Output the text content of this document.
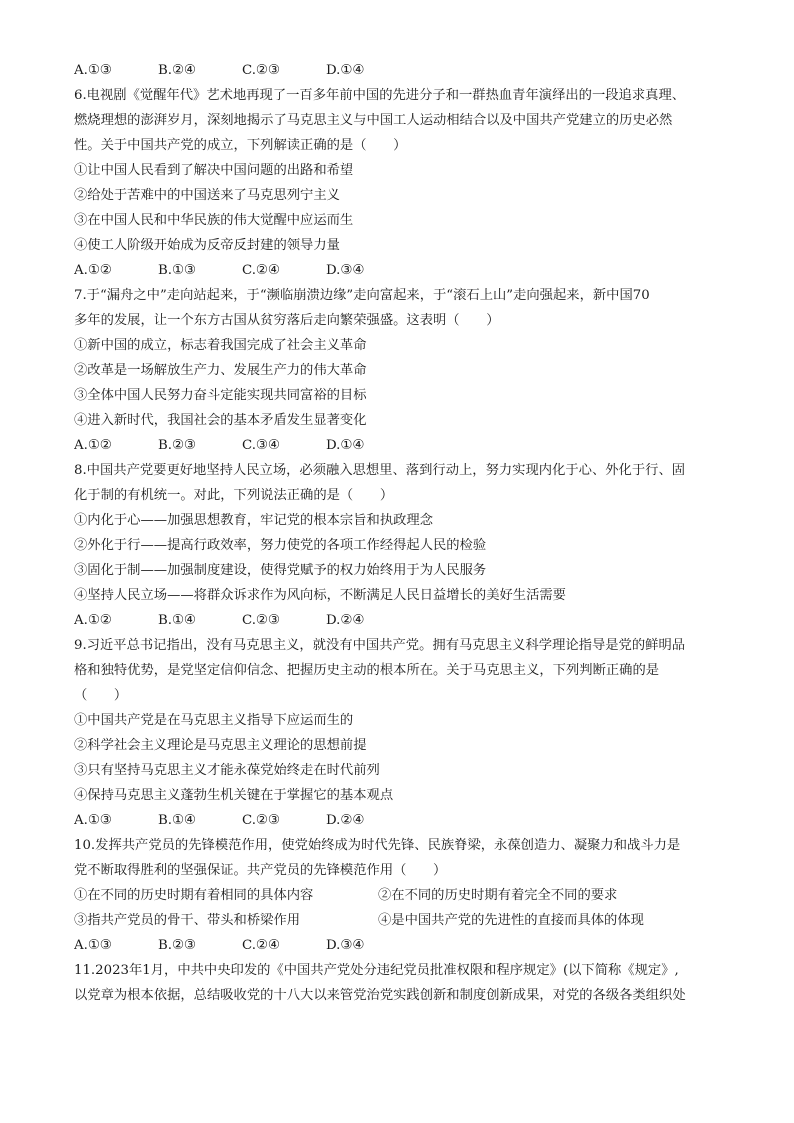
A.①③	B.②④	C.②③	D.①④
6.电视剧《觉醒年代》艺术地再现了一百多年前中国的先进分子和一群热血青年演绎出的一段追求真理、
燃烧理想的澎湃岁月，深刻地揭示了马克思主义与中国工人运动相结合以及中国共产党建立的历史必然
性。关于中国共产党的成立，下列解读正确的是（　　）
①让中国人民看到了解决中国问题的出路和希望
②给处于苦难中的中国送来了马克思列宁主义
③在中国人民和中华民族的伟大觉醒中应运而生
④使工人阶级开始成为反帝反封建的领导力量
A.①②	B.①③	C.②④	D.③④
7.于“漏舟之中”走向站起来，于“濒临崩溃边缘”走向富起来，于“滚石上山”走向强起来，新中国70
多年的发展，让一个东方古国从贫穷落后走向繁荣强盛。这表明（　　）
①新中国的成立，标志着我国完成了社会主义革命
②改革是一场解放生产力、发展生产力的伟大革命
③全体中国人民努力奋斗定能实现共同富裕的目标
④进入新时代，我国社会的基本矛盾发生显著变化
A.①②	B.②③	C.③④	D.①④
8.中国共产党要更好地坚持人民立场，必须融入思想里、落到行动上，努力实现内化于心、外化于行、固
化于制的有机统一。对此，下列说法正确的是（　　）
①内化于心——加强思想教育，牢记党的根本宗旨和执政理念
②外化于行——提高行政效率，努力使党的各项工作经得起人民的检验
③固化于制——加强制度建设，使得党赋予的权力始终用于为人民服务
④坚持人民立场——将群众诉求作为风向标，不断满足人民日益增长的美好生活需要
A.①②	B.①④	C.②③	D.②④
9.习近平总书记指出，没有马克思主义，就没有中国共产党。拥有马克思主义科学理论指导是党的鲜明品
格和独特优势，是党坚定信仰信念、把握历史主动的根本所在。关于马克思主义，下列判断正确的是
（　　）
①中国共产党是在马克思主义指导下应运而生的
②科学社会主义理论是马克思主义理论的思想前提
③只有坚持马克思主义才能永葆党始终走在时代前列
④保持马克思主义蓬勃生机关键在于掌握它的基本观点
A.①③	B.①④	C.②③	D.②④
10.发挥共产党员的先锋模范作用，使党始终成为时代先锋、民族脊梁，永葆创造力、凝聚力和战斗力是
党不断取得胜利的坚强保证。共产党员的先锋模范作用（　　）
①在不同的历史时期有着相同的具体内容	②在不同的历史时期有着完全不同的要求
③指共产党员的骨干、带头和桥梁作用	④是中国共产党的先进性的直接而具体的体现
A.①③	B.②③	C.②④	D.③④
11.2023年1月，中共中央印发的《中国共产党处分违纪党员批准权限和程序规定》(以下简称《规定》,
以党章为根本依据，总结吸收党的十八大以来管党治党实践创新和制度创新成果，对党的各级各类组织处
